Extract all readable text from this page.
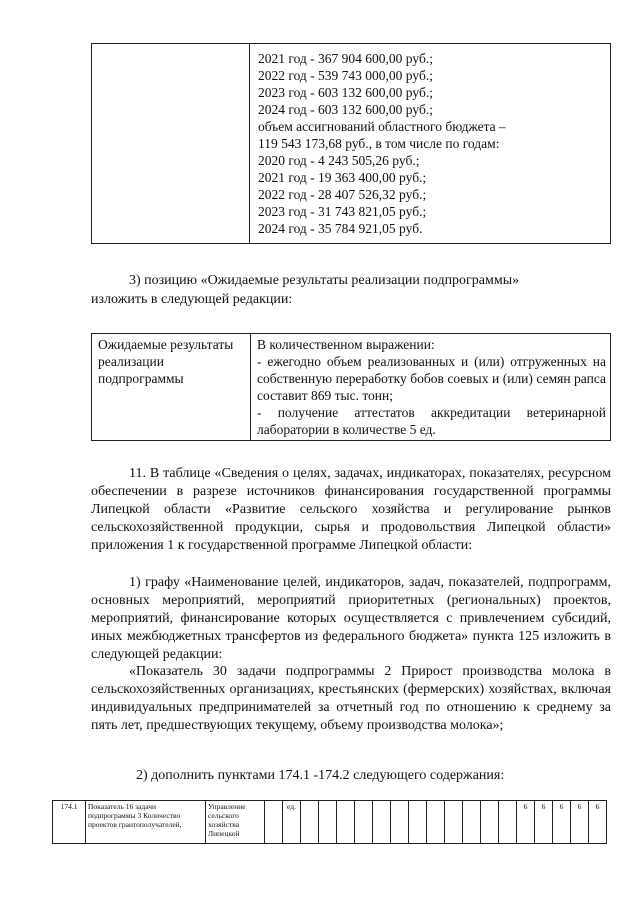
2021 год - 367 904 600,00 руб.;
2022 год - 539 743 000,00 руб.;
2023 год - 603 132 600,00 руб.;
2024 год - 603 132 600,00 руб.;
объем ассигнований областного бюджета –
119 543 173,68 руб., в том числе по годам:
2020 год - 4 243 505,26 руб.;
2021 год - 19 363 400,00 руб.;
2022 год - 28 407 526,32 руб.;
2023 год - 31 743 821,05 руб.;
2024 год - 35 784 921,05 руб.
3) позицию «Ожидаемые результаты реализации подпрограммы»
изложить в следующей редакции:
Ожидаемые результаты реализации подпрограммы	
В количественном выражении:
- ежегодно объем реализованных и (или) отгруженных на собственную переработку бобов соевых и (или) семян рапса составит 869 тыс. тонн;
- получение аттестатов аккредитации ветеринарной лаборатории в количестве 5 ед.
11. В таблице «Сведения о целях, задачах, индикаторах, показателях, ресурсном обеспечении в разрезе источников финансирования государственной программы Липецкой области «Развитие сельского хозяйства и регулирование рынков сельскохозяйственной продукции, сырья и продовольствия Липецкой области» приложения 1 к государственной программе Липецкой области:
1) графу «Наименование целей, индикаторов, задач, показателей, подпрограмм, основных мероприятий, мероприятий приоритетных (региональных) проектов, мероприятий, финансирование которых осуществляется с привлечением субсидий, иных межбюджетных трансфертов из федерального бюджета» пункта 125 изложить в следующей редакции:
«Показатель 30 задачи подпрограммы 2 Прирост производства молока в сельскохозяйственных организациях, крестьянских (фермерских) хозяйствах, включая индивидуальных предпринимателей за отчетный год по отношению к среднему за пять лет, предшествующих текущему, объему производства молока»;
2) дополнить пунктами 174.1 -174.2 следующего содержания:
174.1	Показатель 16 задачи подпрограммы 3 Количество проектов грантополучателей,	Управление сельского хозяйства Липецкой		ед.													6	6	6	6	6
